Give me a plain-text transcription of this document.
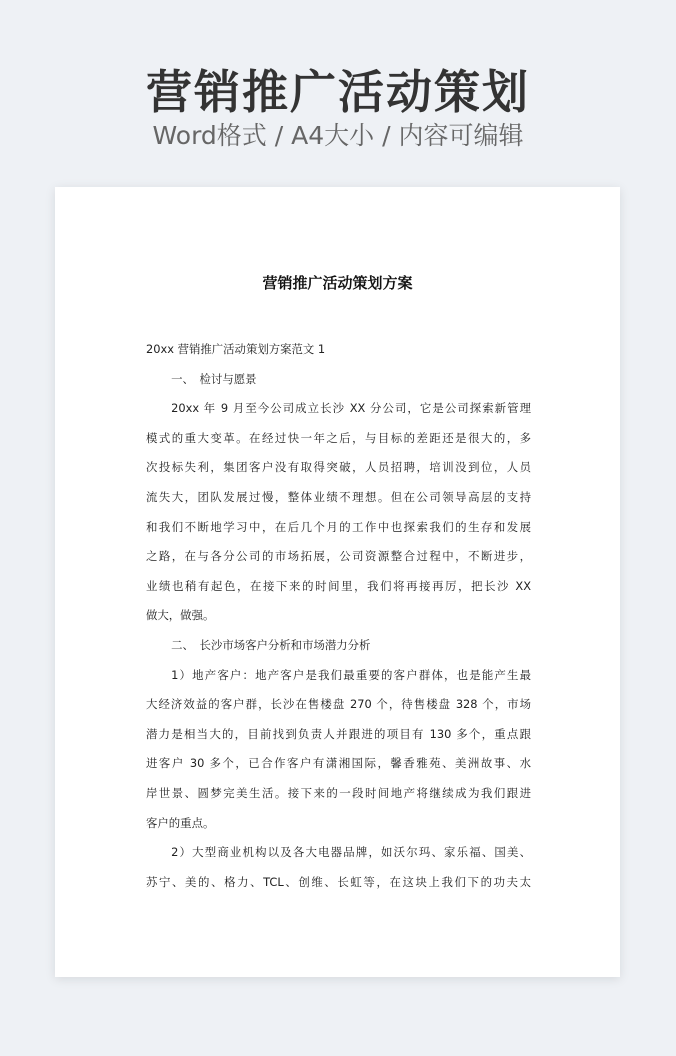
营销推广活动策划
Word格式 / A4大小 / 内容可编辑
营销推广活动策划方案
20xx 营销推广活动策划方案范文 1
一、　检讨与愿景
20xx 年 9 月至今公司成立长沙 XX 分公司，它是公司探索新管理
模式的重大变革。在经过快一年之后，与目标的差距还是很大的，多
次投标失利，集团客户没有取得突破，人员招聘，培训没到位，人员
流失大，团队发展过慢，整体业绩不理想。但在公司领导高层的支持
和我们不断地学习中，在后几个月的工作中也探索我们的生存和发展
之路，在与各分公司的市场拓展，公司资源整合过程中，不断进步，
业绩也稍有起色，在接下来的时间里，我们将再接再厉，把长沙 XX
做大，做强。
二、　长沙市场客户分析和市场潜力分析
1）地产客户：地产客户是我们最重要的客户群体，也是能产生最
大经济效益的客户群，长沙在售楼盘 270 个，待售楼盘 328 个，市场
潜力是相当大的，目前找到负责人并跟进的项目有 130 多个，重点跟
进客户 30 多个，已合作客户有潇湘国际，馨香雅苑、美洲故事、水
岸世景、圆梦完美生活。接下来的一段时间地产将继续成为我们跟进
客户的重点。
2）大型商业机构以及各大电器品牌，如沃尔玛、家乐福、国美、
苏宁、美的、格力、TCL、创维、长虹等，在这块上我们下的功夫太
